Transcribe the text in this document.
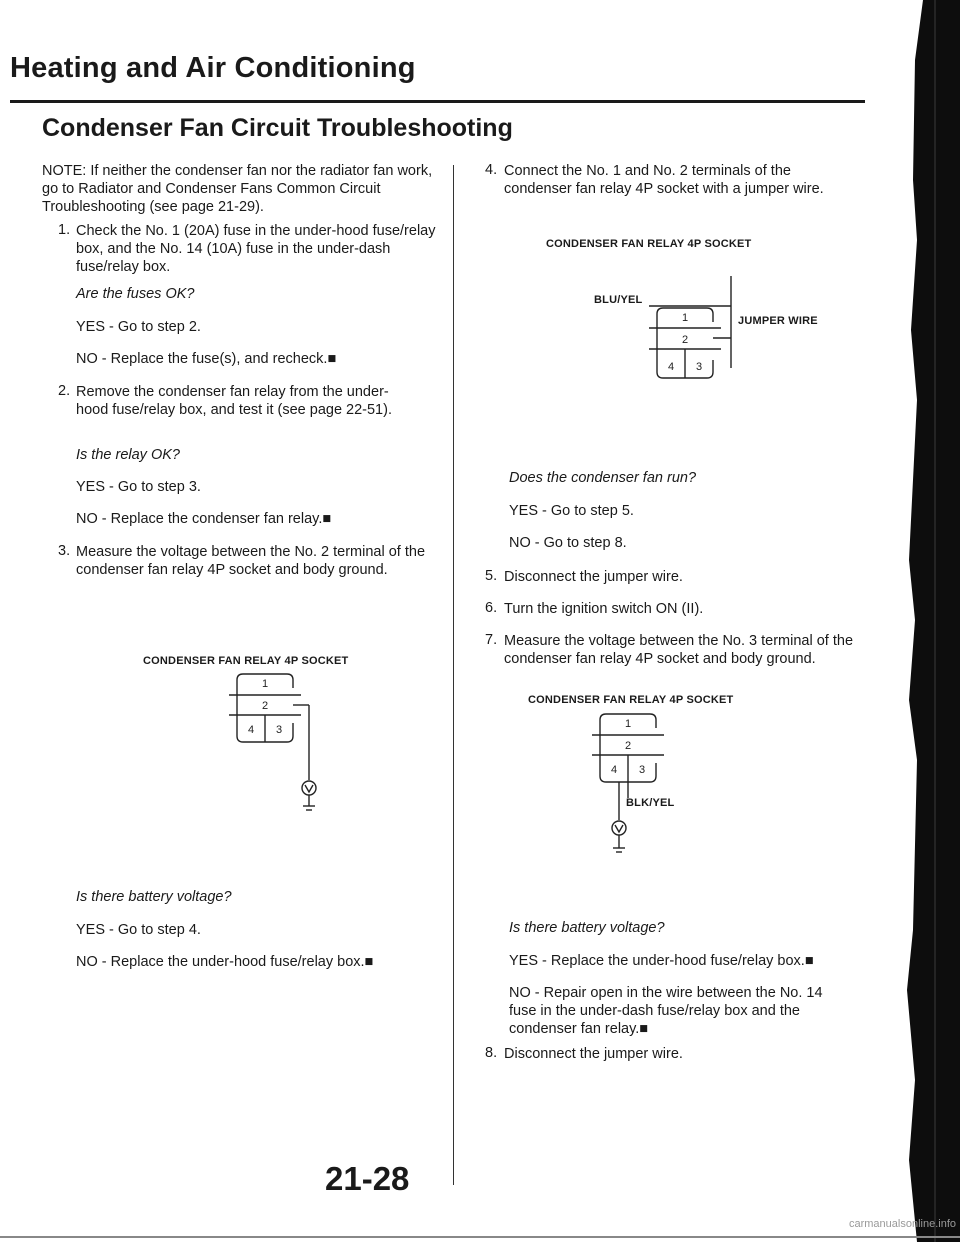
Heating and Air Conditioning
Condenser Fan Circuit Troubleshooting

NOTE: If neither the condenser fan nor the radiator fan work, go to Radiator and Condenser Fans Common Circuit Troubleshooting (see page 21-29).

1. Check the No. 1 (20A) fuse in the under-hood fuse/relay box, and the No. 14 (10A) fuse in the under-dash fuse/relay box.

Are the fuses OK?

YES - Go to step 2.

NO - Replace the fuse(s), and recheck.■

2. Remove the condenser fan relay from the under-hood fuse/relay box, and test it (see page 22-51).

Is the relay OK?

YES - Go to step 3.

NO - Replace the condenser fan relay.■

3. Measure the voltage between the No. 2 terminal of the condenser fan relay 4P socket and body ground.

CONDENSER FAN RELAY 4P SOCKET
1
2
4 3

Is there battery voltage?

YES - Go to step 4.

NO - Replace the under-hood fuse/relay box.■

21-28
4. Connect the No. 1 and No. 2 terminals of the condenser fan relay 4P socket with a jumper wire.

CONDENSER FAN RELAY 4P SOCKET
BLU/YEL
JUMPER WIRE
1
2
4 3

Does the condenser fan run?

YES - Go to step 5.

NO - Go to step 8.

5. Disconnect the jumper wire.

6. Turn the ignition switch ON (II).

7. Measure the voltage between the No. 3 terminal of the condenser fan relay 4P socket and body ground.

CONDENSER FAN RELAY 4P SOCKET
1
2
4 3
BLK/YEL

Is there battery voltage?

YES - Replace the under-hood fuse/relay box.■

NO - Repair open in the wire between the No. 14 fuse in the under-dash fuse/relay box and the condenser fan relay.■

8. Disconnect the jumper wire.

carmanualsonline.info
